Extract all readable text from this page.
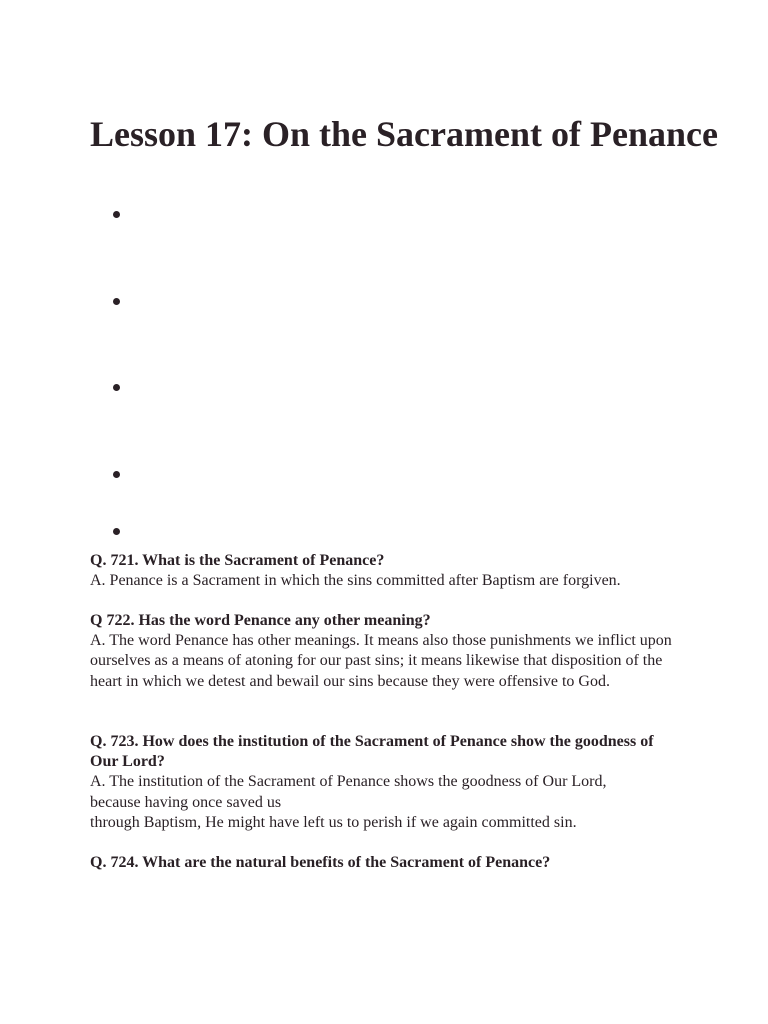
Lesson 17: On the Sacrament of Penance
Q. 721. What is the Sacrament of Penance?
A. Penance is a Sacrament in which the sins committed after Baptism are forgiven.
Q 722. Has the word Penance any other meaning?
A. The word Penance has other meanings. It means also those punishments we inflict upon ourselves as a means of atoning for our past sins; it means likewise that disposition of the heart in which we detest and bewail our sins because they were offensive to God.
Q. 723. How does the institution of the Sacrament of Penance show the goodness of Our Lord?
A. The institution of the Sacrament of Penance shows the goodness of Our Lord, because having once saved us
through Baptism, He might have left us to perish if we again committed sin.
Q. 724. What are the natural benefits of the Sacrament of Penance?
